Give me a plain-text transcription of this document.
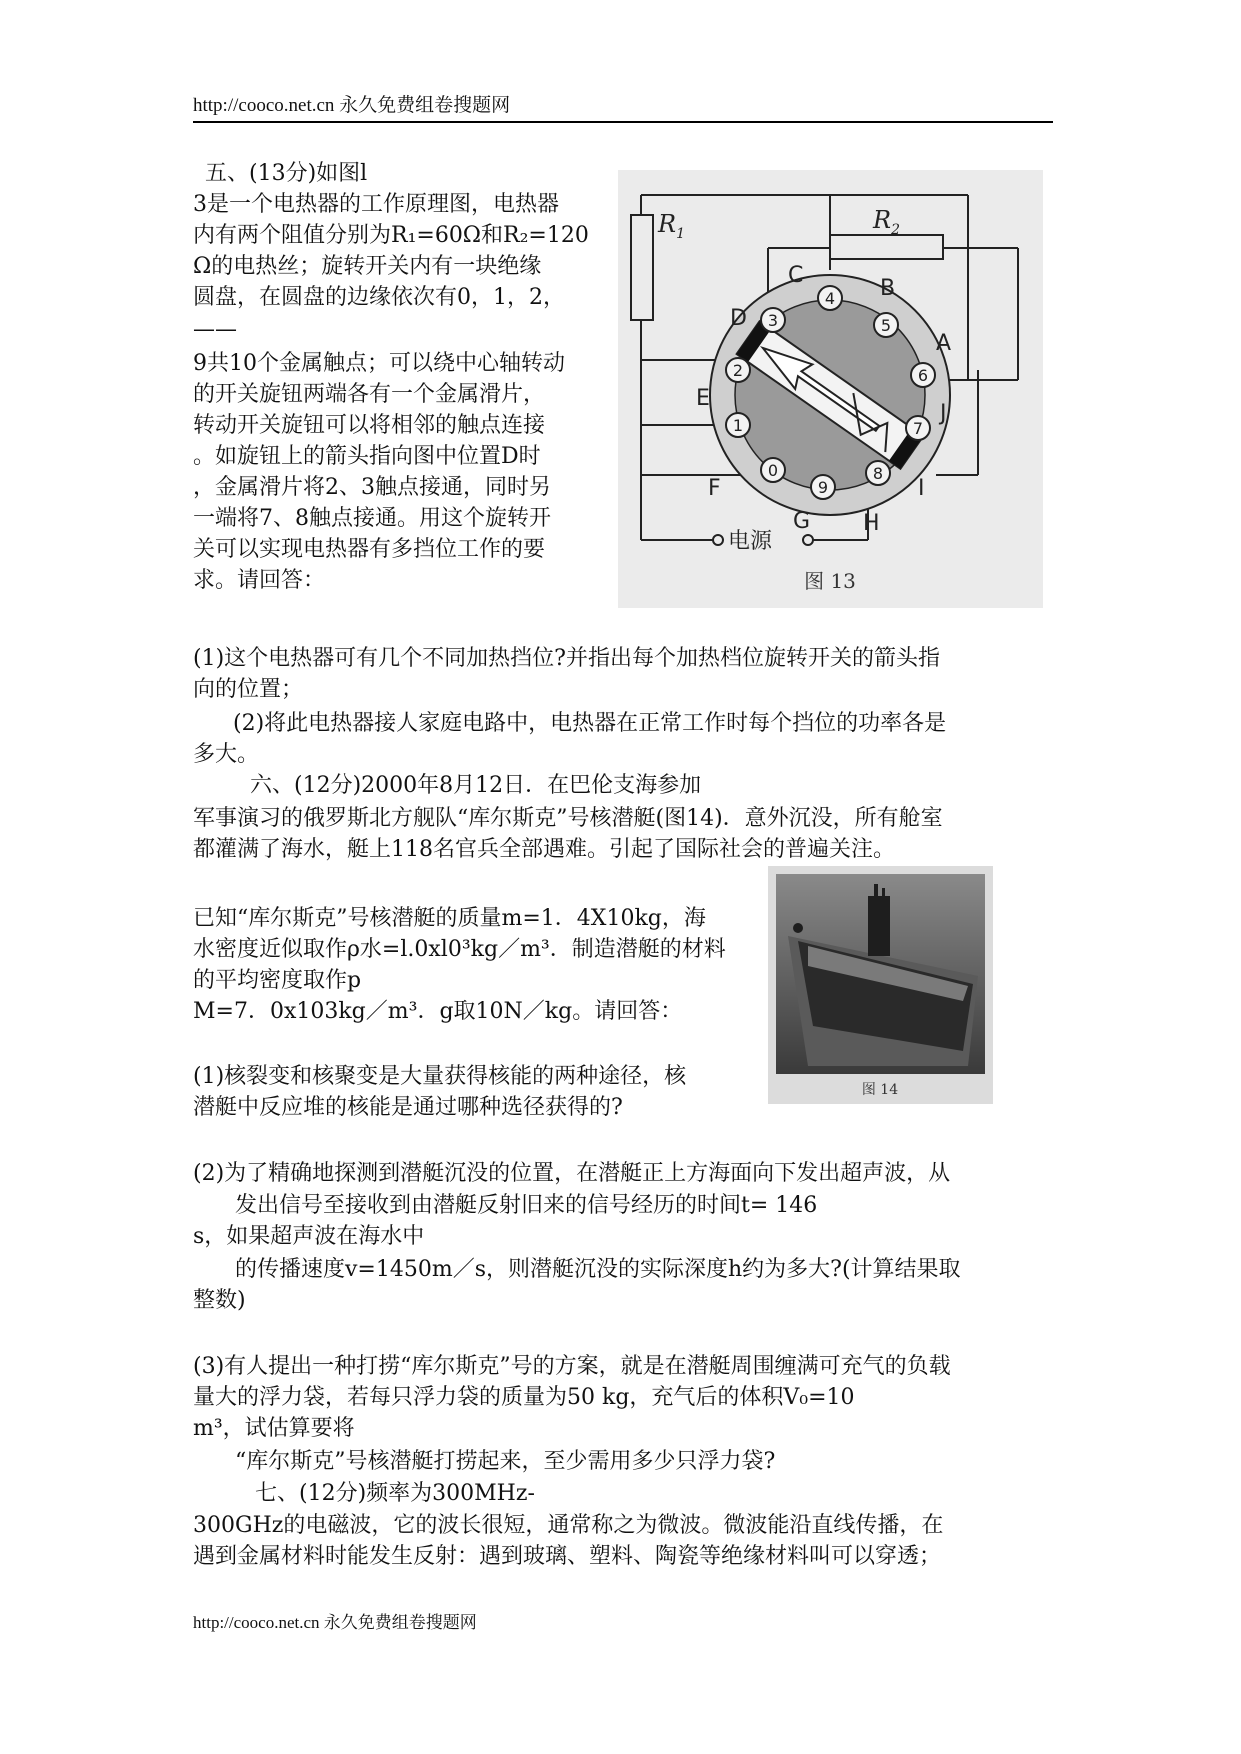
http://cooco.net.cn 永久免费组卷搜题网
五、(13分)如图l
3是一个电热器的工作原理图，电热器
内有两个阻值分别为R₁=60Ω和R₂=120
Ω的电热丝；旋转开关内有一块绝缘
圆盘，在圆盘的边缘依次有0，1，2，
——
9共10个金属触点；可以绕中心轴转动
的开关旋钮两端各有一个金属滑片，
转动开关旋钮可以将相邻的触点连接
。如旋钮上的箭头指向图中位置D时
，金属滑片将2、3触点接通，同时另
一端将7、8触点接通。用这个旋转开
关可以实现电热器有多挡位工作的要
求。请回答：
$R_1$	$R_2$
0
1
2
3
4
5
6
7
8
9
A
B
C
D
E
F
G H
I
J
电源
图 13
(1)这个电热器可有几个不同加热挡位?并指出每个加热档位旋转开关的箭头指
向的位置；
(2)将此电热器接人家庭电路中，电热器在正常工作时每个挡位的功率各是
多大。
六、(12分)2000年8月12日．在巴伦支海参加
军事演习的俄罗斯北方舰队“库尔斯克”号核潜艇(图14)．意外沉没，所有舱室
都灌满了海水，艇上118名官兵全部遇难。引起了国际社会的普遍关注。
已知“库尔斯克”号核潜艇的质量m=1．4X10kg，海
水密度近似取作ρ水=l.0xl0³kg／m³．制造潜艇的材料
的平均密度取作p
M=7．0x103kg／m³．g取10N／kg。请回答：
(1)核裂变和核聚变是大量获得核能的两种途径，核
潜艇中反应堆的核能是通过哪种选径获得的?
图 14
(2)为了精确地探测到潜艇沉没的位置，在潜艇正上方海面向下发出超声波，从
发出信号至接收到由潜艇反射旧来的信号经历的时间t= 146
s，如果超声波在海水中
的传播速度v=1450m／s，则潜艇沉没的实际深度h约为多大?(计算结果取
整数)
(3)有人提出一种打捞“库尔斯克”号的方案，就是在潜艇周围缠满可充气的负载
量大的浮力袋，若每只浮力袋的质量为50 kg，充气后的体积V₀=10
m³，试估算要将
“库尔斯克”号核潜艇打捞起来，至少需用多少只浮力袋?
七、(12分)频率为300MHz-
300GHz的电磁波，它的波长很短，通常称之为微波。微波能沿直线传播，在
遇到金属材料时能发生反射：遇到玻璃、塑料、陶瓷等绝缘材料叫可以穿透；
http://cooco.net.cn 永久免费组卷搜题网
